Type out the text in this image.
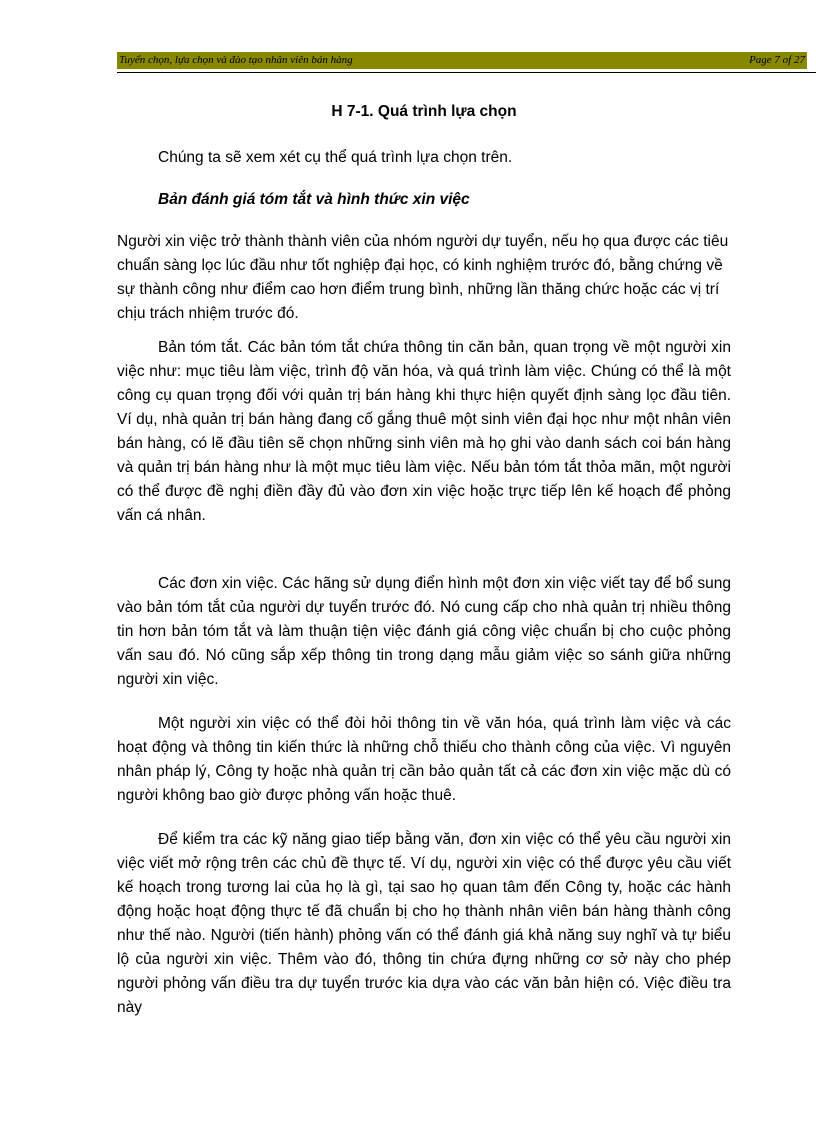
Tuyển chọn, lựa chọn và đào tạo nhân viên bán hàng	Page 7 of 27
H 7-1. Quá trình lựa chọn

Chúng ta sẽ xem xét cụ thể quá trình lựa chọn trên.

Bản đánh giá tóm tắt và hình thức xin việc

Người xin việc trở thành thành viên của nhóm người dự tuyển, nếu họ qua được các tiêu chuẩn sàng lọc lúc đầu như tốt nghiệp đại học, có kinh nghiệm trước đó, bằng chứng về sự thành công như điểm cao hơn điểm trung bình, những lần thăng chức hoặc các vị trí chịu trách nhiệm trước đó.

Bản tóm tắt. Các bản tóm tắt chứa thông tin căn bản, quan trọng về một người xin việc như: mục tiêu làm việc, trình độ văn hóa, và quá trình làm việc. Chúng có thể là một công cụ quan trọng đối với quản trị bán hàng khi thực hiện quyết định sàng lọc đầu tiên. Ví dụ, nhà quản trị bán hàng đang cố gắng thuê một sinh viên đại học như một nhân viên bán hàng, có lẽ đầu tiên sẽ chọn những sinh viên mà họ ghi vào danh sách coi bán hàng và quản trị bán hàng như là một mục tiêu làm việc. Nếu bản tóm tắt thỏa mãn, một người có thể được đề nghị điền đầy đủ vào đơn xin việc hoặc trực tiếp lên kế hoạch để phỏng vấn cá nhân.

Các đơn xin việc. Các hãng sử dụng điển hình một đơn xin việc viết tay để bổ sung vào bản tóm tắt của người dự tuyển trước đó. Nó cung cấp cho nhà quản trị nhiều thông tin hơn bản tóm tắt và làm thuận tiện việc đánh giá công việc chuẩn bị cho cuộc phỏng vấn sau đó. Nó cũng sắp xếp thông tin trong dạng mẫu giảm việc so sánh giữa những người xin việc.

Một người xin việc có thể đòi hỏi thông tin về văn hóa, quá trình làm việc và các hoạt động và thông tin kiến thức là những chỗ thiếu cho thành công của việc. Vì nguyên nhân pháp lý, Công ty hoặc nhà quản trị cần bảo quản tất cả các đơn xin việc mặc dù có người không bao giờ được phỏng vấn hoặc thuê.

Để kiểm tra các kỹ năng giao tiếp bằng văn, đơn xin việc có thể yêu cầu người xin việc viết mở rộng trên các chủ đề thực tế. Ví dụ, người xin việc có thể được yêu cầu viết kế hoạch trong tương lai của họ là gì, tại sao họ quan tâm đến Công ty, hoặc các hành động hoặc hoạt động thực tế đã chuẩn bị cho họ thành nhân viên bán hàng thành công như thế nào. Người (tiến hành) phỏng vấn có thể đánh giá khả năng suy nghĩ và tự biểu lộ của người xin việc. Thêm vào đó, thông tin chứa đựng những cơ sở này cho phép người phỏng vấn điều tra dự tuyển trước kia dựa vào các văn bản hiện có. Việc điều tra này
